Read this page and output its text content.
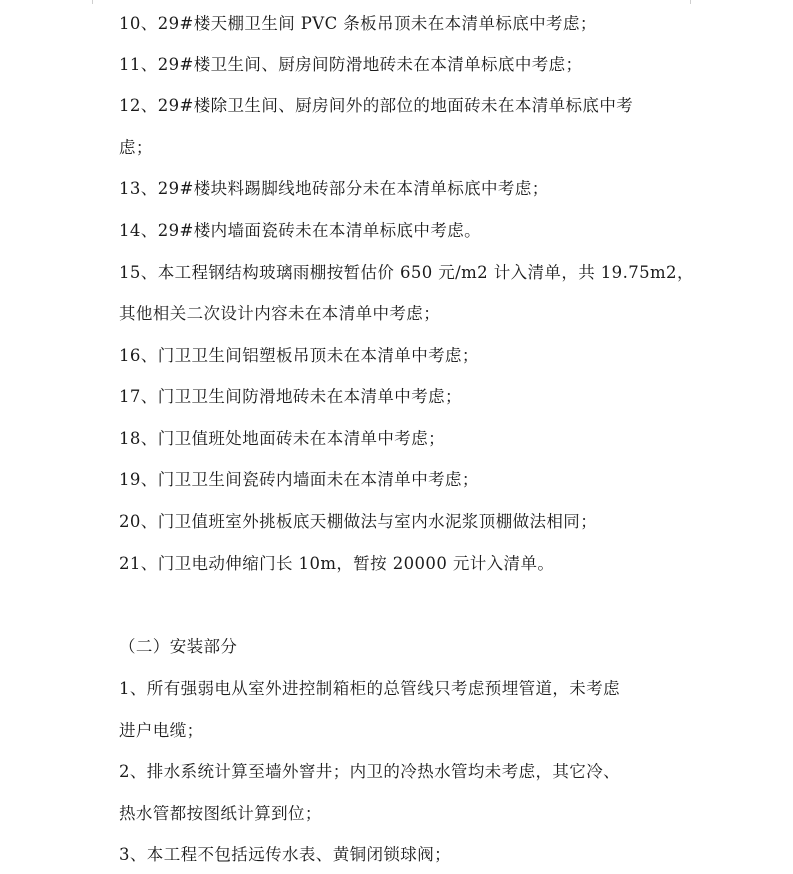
10、29#楼天棚卫生间 PVC 条板吊顶未在本清单标底中考虑；
11、29#楼卫生间、厨房间防滑地砖未在本清单标底中考虑；
12、29#楼除卫生间、厨房间外的部位的地面砖未在本清单标底中考
虑；
13、29#楼块料踢脚线地砖部分未在本清单标底中考虑；
14、29#楼内墙面瓷砖未在本清单标底中考虑。
15、本工程钢结构玻璃雨棚按暂估价 650 元/m2 计入清单，共 19.75m2，
其他相关二次设计内容未在本清单中考虑；
16、门卫卫生间铝塑板吊顶未在本清单中考虑；
17、门卫卫生间防滑地砖未在本清单中考虑；
18、门卫值班处地面砖未在本清单中考虑；
19、门卫卫生间瓷砖内墙面未在本清单中考虑；
20、门卫值班室外挑板底天棚做法与室内水泥浆顶棚做法相同；
21、门卫电动伸缩门长 10m，暂按 20000 元计入清单。
（二）安装部分
1、所有强弱电从室外进控制箱柜的总管线只考虑预埋管道，未考虑
进户电缆；
2、排水系统计算至墙外窨井；内卫的冷热水管均未考虑，其它冷、
热水管都按图纸计算到位；
3、本工程不包括远传水表、黄铜闭锁球阀；
